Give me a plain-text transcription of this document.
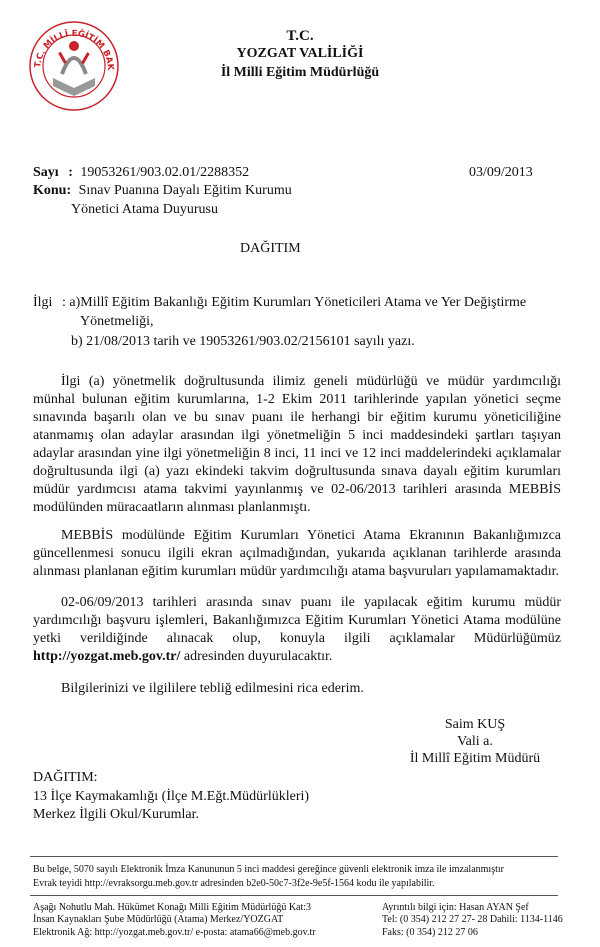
T.C. MİLLÎ EĞİTİM BAK
T.C.
YOZGAT VALİLİĞİ
İl Milli Eğitim Müdürlüğü
Sayı : 19053261/903.02.01/2288352	03/09/2013
Konu: Sınav Puanına Dayalı Eğitim Kurumu
Yönetici Atama Duyurusu
DAĞITIM
İlgi : a)Millî Eğitim Bakanlığı Eğitim Kurumları Yöneticileri Atama ve Yer Değiştirme
Yönetmeliği,
b) 21/08/2013 tarih ve 19053261/903.02/2156101 sayılı yazı.

İlgi (a) yönetmelik doğrultusunda ilimiz geneli müdürlüğü ve müdür yardımcılığı münhal bulunan eğitim kurumlarına, 1-2 Ekim 2011 tarihlerinde yapılan yönetici seçme sınavında başarılı olan ve bu sınav puanı ile herhangi bir eğitim kurumu yöneticiliğine atanmamış olan adaylar arasından ilgi yönetmeliğin 5 inci maddesindeki şartları taşıyan adaylar arasından yine ilgi yönetmeliğin 8 inci, 11 inci ve 12 inci maddelerindeki açıklamalar doğrultusunda ilgi (a) yazı ekindeki takvim doğrultusunda sınava dayalı eğitim kurumları müdür yardımcısı atama takvimi yayınlanmış ve 02-06/2013 tarihleri arasında MEBBİS modülünden müracaatların alınması planlanmıştı.

MEBBİS modülünde Eğitim Kurumları Yönetici Atama Ekranının Bakanlığımızca güncellenmesi sonucu ilgili ekran açılmadığından, yukarıda açıklanan tarihlerde arasında alınması planlanan eğitim kurumları müdür yardımcılığı atama başvuruları yapılamamaktadır.

02-06/09/2013 tarihleri arasında sınav puanı ile yapılacak eğitim kurumu müdür yardımcılığı başvuru işlemleri, Bakanlığımızca Eğitim Kurumları Yönetici Atama modülüne yetki verildiğinde alınacak olup, konuyla ilgili açıklamalar Müdürlüğümüz http://yozgat.meb.gov.tr/ adresinden duyurulacaktır.

Bilgilerinizi ve ilgililere tebliğ edilmesini rica ederim.

Saim KUŞ
Vali a.
İl Millî Eğitim Müdürü
DAĞITIM:
13 İlçe Kaymakamlığı (İlçe M.Eğt.Müdürlükleri)
Merkez İlgili Okul/Kurumlar.
Bu belge, 5070 sayılı Elektronik İmza Kanununun 5 inci maddesi gereğince güvenli elektronik imza ile imzalanmıştır
Evrak teyidi http://evraksorgu.meb.gov.tr adresinden b2e0-50c7-3f2e-9e5f-1564 kodu ile yapılabilir.
Aşağı Nohutlu Mah. Hükümet Konağı Milli Eğitim Müdürlüğü Kat:3
İnsan Kaynakları Şube Müdürlüğü (Atama) Merkez/YOZGAT
Elektronik Ağ: http://yozgat.meb.gov.tr/ e-posta: atama66@meb.gov.tr
Ayrıntılı bilgi için: Hasan AYAN Şef
Tel: (0 354) 212 27 27- 28 Dahili: 1134-1146
Faks: (0 354) 212 27 06
